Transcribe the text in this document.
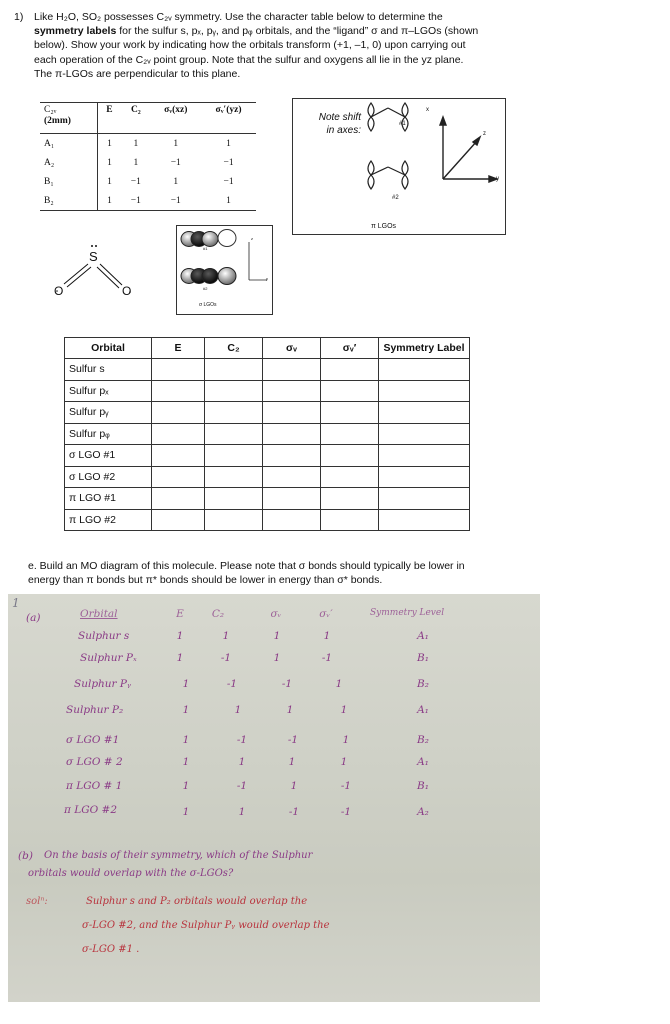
1) Like H₂O, SO₂ possesses C₂ᵥ symmetry. Use the character table below to determine the
symmetry labels for the sulfur s, pₓ, pᵧ, and pᵩ orbitals, and the “ligand” σ and π–LGOs (shown
below). Show your work by indicating how the orbitals transform (+1, –1, 0) upon carrying out
each operation of the C₂ᵥ point group. Note that the sulfur and oxygens all lie in the yz plane.
The π-LGOs are perpendicular to this plane.
C₂ᵥ
(2mm)	E	C₂	σᵥ(xz)	σᵥ′(yz)
A₁	1	1	1	1
A₂	1	1	−1	−1
B₁	1	−1	1	−1
B₂	1	−1	−1	1
Note shift
in axes:
#1
#2
x
y
z
π LGOs
#1
#2
z
y
σ LGOs
S
O	O
Orbital	E	C₂	σᵥ	σᵥ′	Symmetry Label
Sulfur s					
Sulfur pₓ					
Sulfur pᵧ					
Sulfur pᵩ					
σ LGO #1					
σ LGO #2					
π LGO #1					
π LGO #2					
e. Build an MO diagram of this molecule. Please note that σ bonds should typically be lower in
energy than π bonds but π* bonds should be lower in energy than σ* bonds.
1
(a)	Orbital	E	C₂	σᵥ	σᵥ′	Symmetry Level
Sulphur s	1	1	1	1	A₁
Sulphur Pₓ	1	-1	1	-1	B₁
Sulphur Pᵧ	1	-1	-1	1	B₂
Sulphur P₂	1	1	1	1	A₁
σ LGO #1	1	-1	-1	1	B₂
σ LGO # 2	1	1	1	1	A₁
π LGO # 1	1	-1	1	-1	B₁
π LGO #2	1	1	-1	-1	A₂
(b) On the basis of their symmetry, which of the Sulphur
orbitals would overlap with the σ-LGOs?
solⁿ:	Sulphur s and P₂ orbitals would overlap the
σ-LGO #2, and the Sulphur Pᵧ would overlap the
σ-LGO #1 .
